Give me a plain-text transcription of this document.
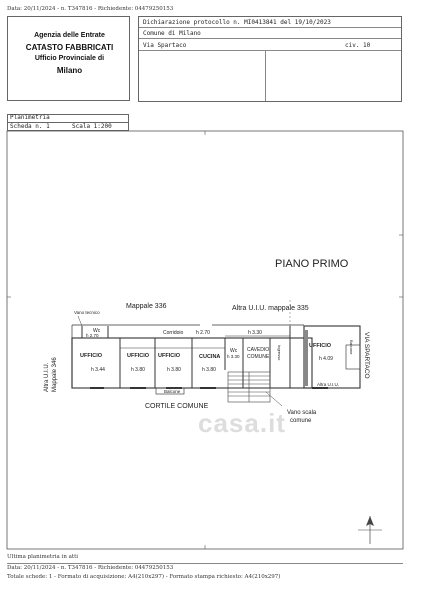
Data: 20/11/2024 - n. T347816 - Richiedente: 04479250153
Agenzia delle Entrate
CATASTO FABBRICATI
Ufficio Provinciale di
Milano
Dichiarazione protocollo n. MI0413841 del 19/10/2023
Comune di Milano
Via Spartaco	civ. 10
Planimetria
Scheda n. 1	Scala 1:200
PIANO PRIMO
Mappale 336	Altra U.I.U. mappale 335
Vano tecnico
Wc
h 2.70	Corridoio	h 2.70	h 3.30
Ingresso
UFFICIO
h 3.44
UFFICIO
h 3.80
UFFICIO
h 3.80
CUCINA
h 3.80
Wc
h 3.30
CAVEDIO
COMUNE
UFFICIO
h 4.09
Balcone
Balcone
Altra U.I.U. Mappale 346	VIA SPARTACO
Altra U.I.U.
CORTILE COMUNE
Vano scala
comune
casa.it
Ultima planimetria in atti
Data: 20/11/2024 - n. T347816 - Richiedente: 04479250153
Totale schede: 1 - Formato di acquisizione: A4(210x297) - Formato stampa richiesto: A4(210x297)
